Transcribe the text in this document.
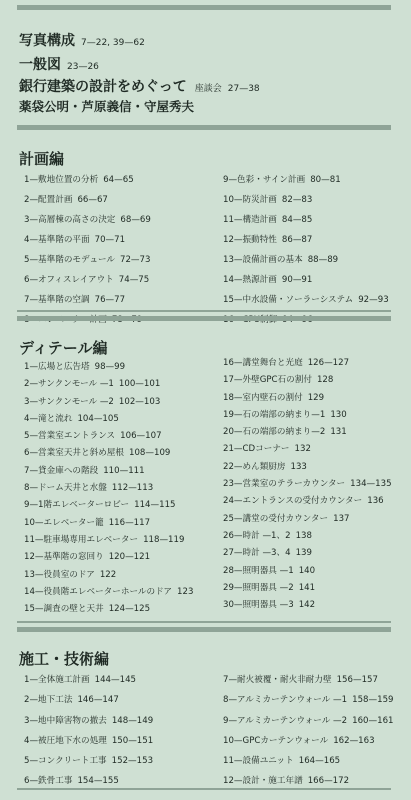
写真構成 7—22, 39—62
一般図 23—26
銀行建築の設計をめぐって 座談会 27—38
薬袋公明・芦原義信・守屋秀夫
計画編
1—敷地位置の分析 64—65
2—配置計画 66—67
3—高層棟の高さの決定 68—69
4—基準階の平面 70—71
5—基準階のモデュール 72—73
6—オフィスレイアウト 74—75
7—基準階の空調 76—77
9—色彩・サイン計画 80—81
10—防災計画 82—83
11—構造計画 84—85
12—振動特性 86—87
13—設備計画の基本 88—89
14—熱源計画 90—91
15—中水設備・ソーラーシステム 92—93
ディテール編
1—広場と広告塔 98—99
2—サンクンモール —1 100—101
3—サンクンモール —2 102—103
4—滝と流れ 104—105
5—営業室エントランス 106—107
6—営業室天井と斜め屋根 108—109
7—貸金庫への階段 110—111
8—ドーム天井と水盤 112—113
9—1階エレベーターロビー 114—115
10—エレベーター籠 116—117
11—駐車場専用エレベーター 118—119
12—基準階の窓回り 120—121
13—役員室のドア 122
14—役員階エレベーターホールのドア 123
15—調査の壁と天井 124—125
16—講堂舞台と光庭 126—127
17—外壁GPC石の割付 128
18—室内壁石の割付 129
19—石の端部の納まり—1 130
20—石の端部の納まり—2 131
21—CDコーナー 132
22—めん類厨房 133
23—営業室のテラーカウンター 134—135
24—エントランスの受付カウンター 136
25—講堂の受付カウンター 137
26—時計 —1、2 138
27—時計 —3、4 139
28—照明器具 —1 140
29—照明器具 —2 141
30—照明器具 —3 142
施工・技術編
1—全体施工計画 144—145
2—地下工法 146—147
3—地中障害物の撤去 148—149
4—被圧地下水の処理 150—151
5—コンクリート工事 152—153
6—鉄骨工事 154—155
7—耐火被覆・耐火非耐力壁 156—157
8—アルミカーテンウォール —1 158—159
9—アルミカーテンウォール —2 160—161
10—GPCカーテンウォール 162—163
11—設備ユニット 164—165
12—設計・施工年譜 166—172
